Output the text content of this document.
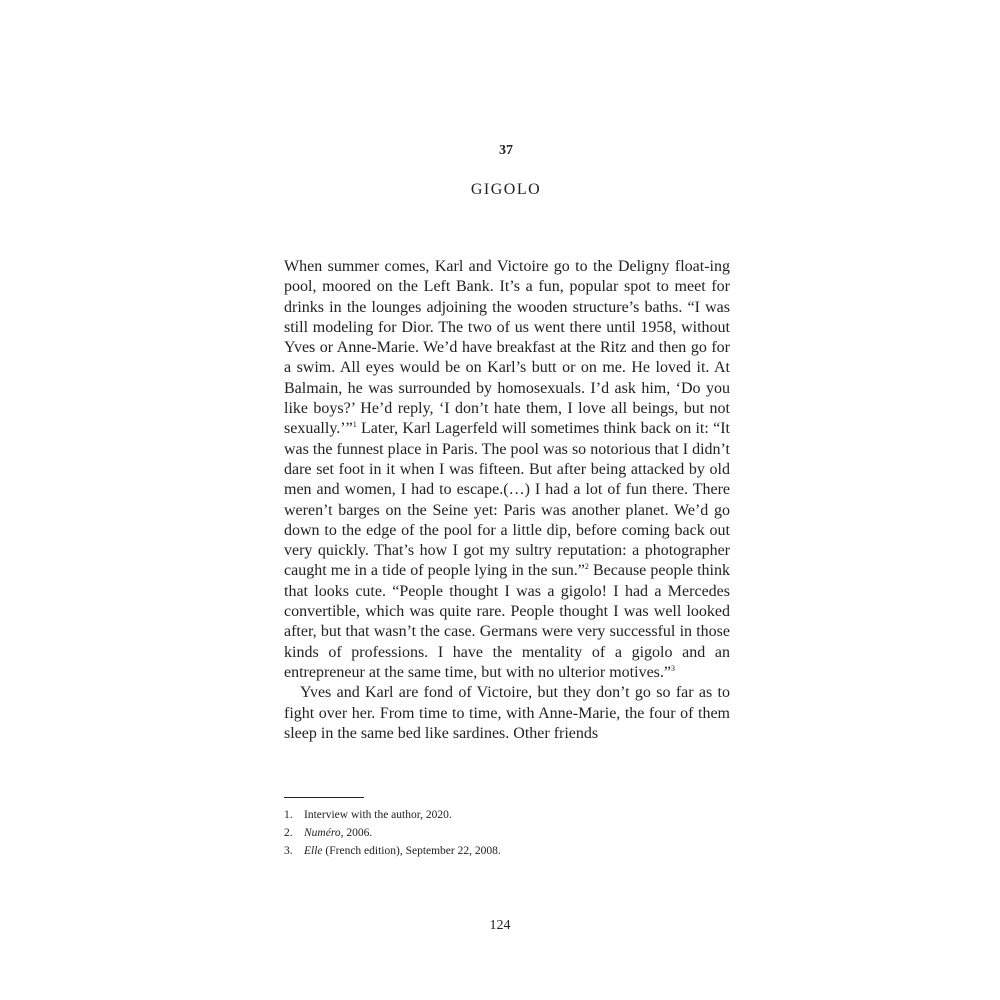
37
GIGOLO

When summer comes, Karl and Victoire go to the Deligny float-ing pool, moored on the Left Bank. It’s a fun, popular spot to meet for drinks in the lounges adjoining the wooden structure’s baths. “I was still modeling for Dior. The two of us went there until 1958, without Yves or Anne-Marie. We’d have breakfast at the Ritz and then go for a swim. All eyes would be on Karl’s butt or on me. He loved it. At Balmain, he was surrounded by homosexuals. I’d ask him, ‘Do you like boys?’ He’d reply, ‘I don’t hate them, I love all beings, but not sexually.’”$^1$ Later, Karl Lagerfeld will sometimes think back on it: “It was the funnest place in Paris. The pool was so notorious that I didn’t dare set foot in it when I was fifteen. But after being attacked by old men and women, I had to escape.(…) I had a lot of fun there. There weren’t barges on the Seine yet: Paris was another planet. We’d go down to the edge of the pool for a little dip, before coming back out very quickly. That’s how I got my sultry reputation: a photographer caught me in a tide of people lying in the sun.”$^2$ Because people think that looks cute. “People thought I was a gigolo! I had a Mercedes convertible, which was quite rare. People thought I was well looked after, but that wasn’t the case. Germans were very successful in those kinds of professions. I have the mentality of a gigolo and an entrepreneur at the same time, but with no ulterior motives.”$^3$

Yves and Karl are fond of Victoire, but they don’t go so far as to fight over her. From time to time, with Anne-Marie, the four of them sleep in the same bed like sardines. Other friends

1. Interview with the author, 2020.
2. Numéro, 2006.
3. Elle (French edition), September 22, 2008.
124
